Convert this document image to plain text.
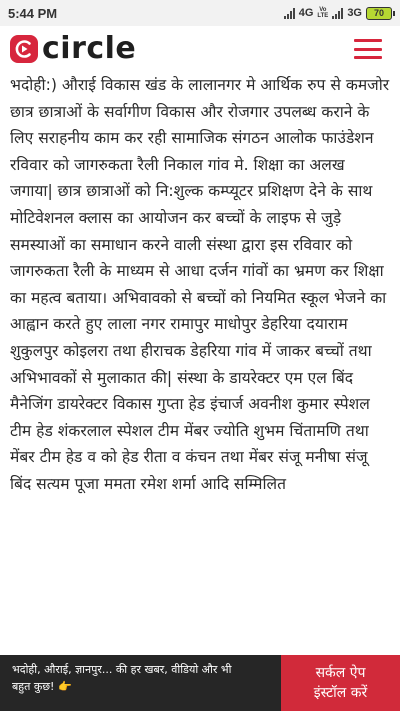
5:44 PM	4G Vo
LTE 3G 70
circle

भदोही:) औराई विकास खंड के लालानगर मे आर्थिक रुप से कमजोर छात्र छात्राओं के सर्वागीण विकास और रोजगार उपलब्ध कराने के लिए सराहनीय काम कर रही सामाजिक संगठन आलोक फाउंडेशन रविवार को जागरुकता रैली निकाल गांव मे. शिक्षा का अलख जगाया| छात्र छात्राओं को नि:शुल्क कम्प्यूटर प्रशिक्षण देने के साथ मोटिवेशनल क्लास का आयोजन कर बच्चों के लाइफ से जुड़े समस्याओं का समाधान करने वाली संस्था द्वारा इस रविवार को जागरुकता रैली के माध्यम से आधा दर्जन गांवों का भ्रमण कर शिक्षा का महत्व बताया। अभिवावको से बच्चों को नियमित स्कूल भेजने का आह्वान करते हुए लाला नगर रामापुर माधोपुर डेहरिया दयाराम शुकुलपुर कोइलरा तथा हीराचक डेहरिया गांव में जाकर बच्चों तथा अभिभावकों से मुलाकात की| संस्था के डायरेक्टर एम एल बिंद मैनेजिंग डायरेक्टर विकास गुप्ता हेड इंचार्ज अवनीश कुमार स्पेशल टीम हेड शंकरलाल स्पेशल टीम मेंबर ज्योति शुभम चिंतामणि तथा मेंबर टीम हेड व को हेड रीता व कंचन तथा मेंबर संजू मनीषा संजू बिंद सत्यम पूजा ममता रमेश शर्मा आदि सम्मिलित

भदोही, औराई, ज्ञानपुर... की हर खबर, वीडियो और भी
बहुत कुछ! 👉
सर्कल ऐप
इंस्टॉल करें
